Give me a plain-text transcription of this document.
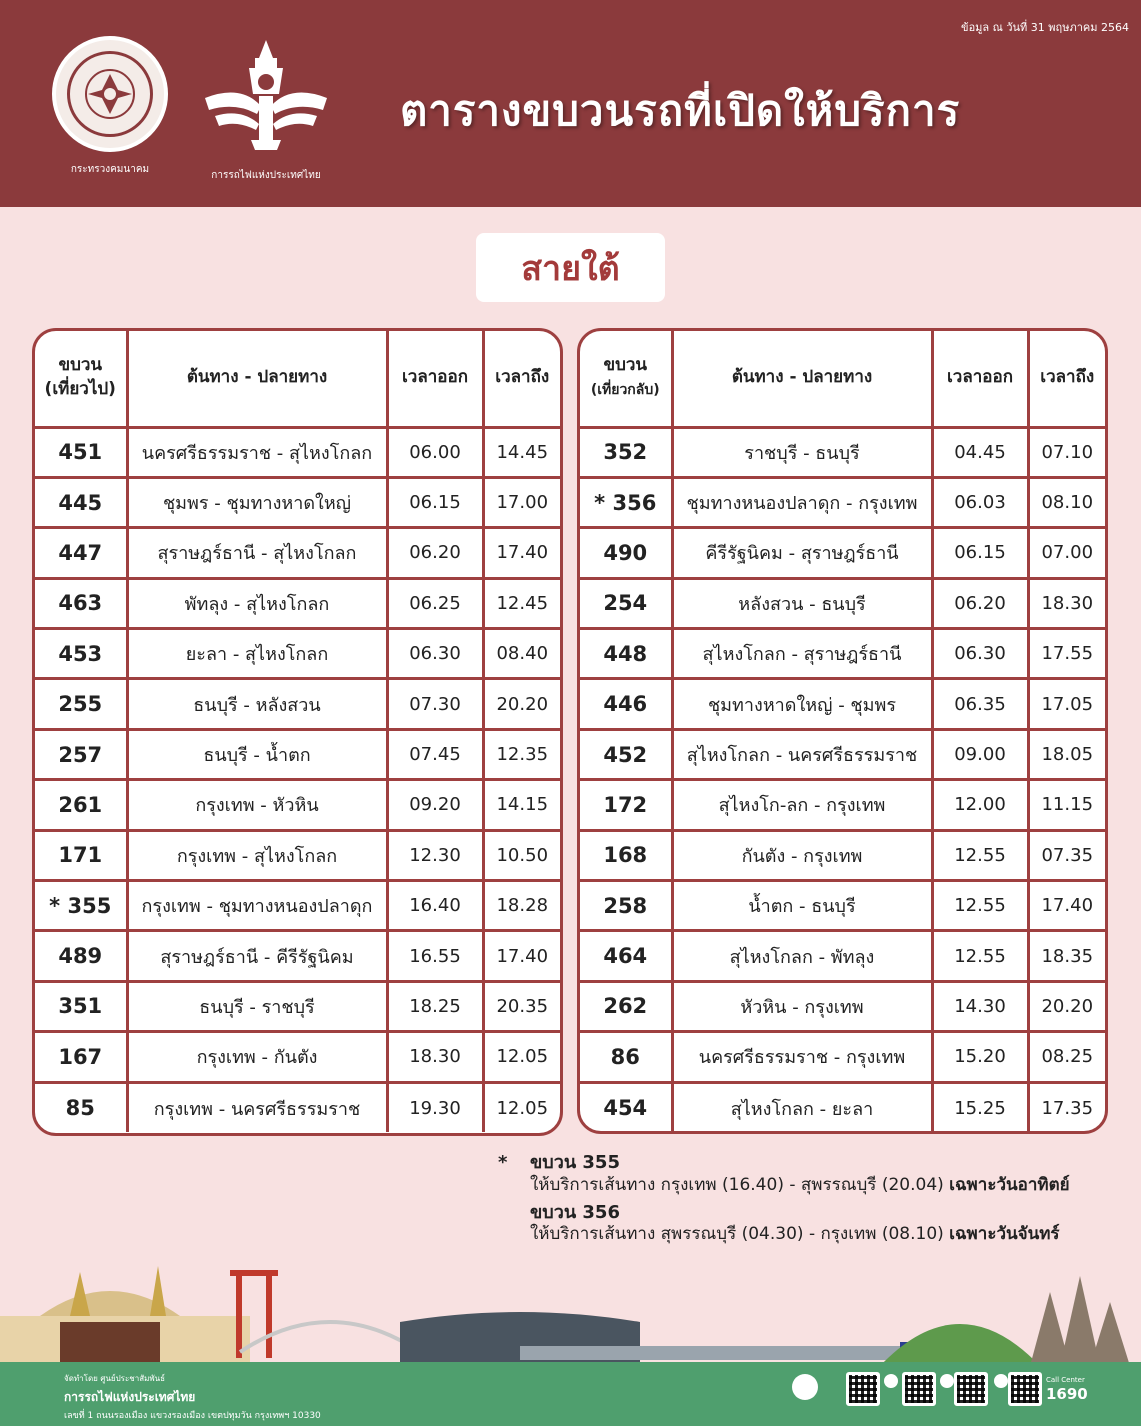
ข้อมูล ณ วันที่ 31 พฤษภาคม 2564
กระทรวงคมนาคม
การรถไฟแห่งประเทศไทย
ตารางขบวนรถที่เปิดให้บริการ
สายใต้
ขบวน
(เที่ยวไป)	ต้นทาง - ปลายทาง	เวลาออก	เวลาถึง
451	นครศรีธรรมราช - สุไหงโกลก	06.00	14.45
445	ชุมพร - ชุมทางหาดใหญ่	06.15	17.00
447	สุราษฎร์ธานี - สุไหงโกลก	06.20	17.40
463	พัทลุง - สุไหงโกลก	06.25	12.45
453	ยะลา - สุไหงโกลก	06.30	08.40
255	ธนบุรี - หลังสวน	07.30	20.20
257	ธนบุรี - น้ำตก	07.45	12.35
261	กรุงเทพ - หัวหิน	09.20	14.15
171	กรุงเทพ - สุไหงโกลก	12.30	10.50
* 355	กรุงเทพ - ชุมทางหนองปลาดุก	16.40	18.28
489	สุราษฎร์ธานี - คีรีรัฐนิคม	16.55	17.40
351	ธนบุรี - ราชบุรี	18.25	20.35
167	กรุงเทพ - กันตัง	18.30	12.05
85	กรุงเทพ - นครศรีธรรมราช	19.30	12.05
ขบวน
(เที่ยวกลับ)	ต้นทาง - ปลายทาง	เวลาออก	เวลาถึง
352	ราชบุรี - ธนบุรี	04.45	07.10
* 356	ชุมทางหนองปลาดุก - กรุงเทพ	06.03	08.10
490	คีรีรัฐนิคม - สุราษฎร์ธานี	06.15	07.00
254	หลังสวน - ธนบุรี	06.20	18.30
448	สุไหงโกลก - สุราษฎร์ธานี	06.30	17.55
446	ชุมทางหาดใหญ่ - ชุมพร	06.35	17.05
452	สุไหงโกลก - นครศรีธรรมราช	09.00	18.05
172	สุไหงโก-ลก - กรุงเทพ	12.00	11.15
168	กันตัง - กรุงเทพ	12.55	07.35
258	น้ำตก - ธนบุรี	12.55	17.40
464	สุไหงโกลก - พัทลุง	12.55	18.35
262	หัวหิน - กรุงเทพ	14.30	20.20
86	นครศรีธรรมราช - กรุงเทพ	15.20	08.25
454	สุไหงโกลก - ยะลา	15.25	17.35
* ขบวน 355
ให้บริการเส้นทาง กรุงเทพ (16.40) - สุพรรณบุรี (20.04) เฉพาะวันอาทิตย์
ขบวน 356
ให้บริการเส้นทาง สุพรรณบุรี (04.30) - กรุงเทพ (08.10) เฉพาะวันจันทร์
จัดทำโดย ศูนย์ประชาสัมพันธ์
การรถไฟแห่งประเทศไทย
เลขที่ 1 ถนนรองเมือง แขวงรองเมือง เขตปทุมวัน กรุงเทพฯ 10330
Call Center
1690
